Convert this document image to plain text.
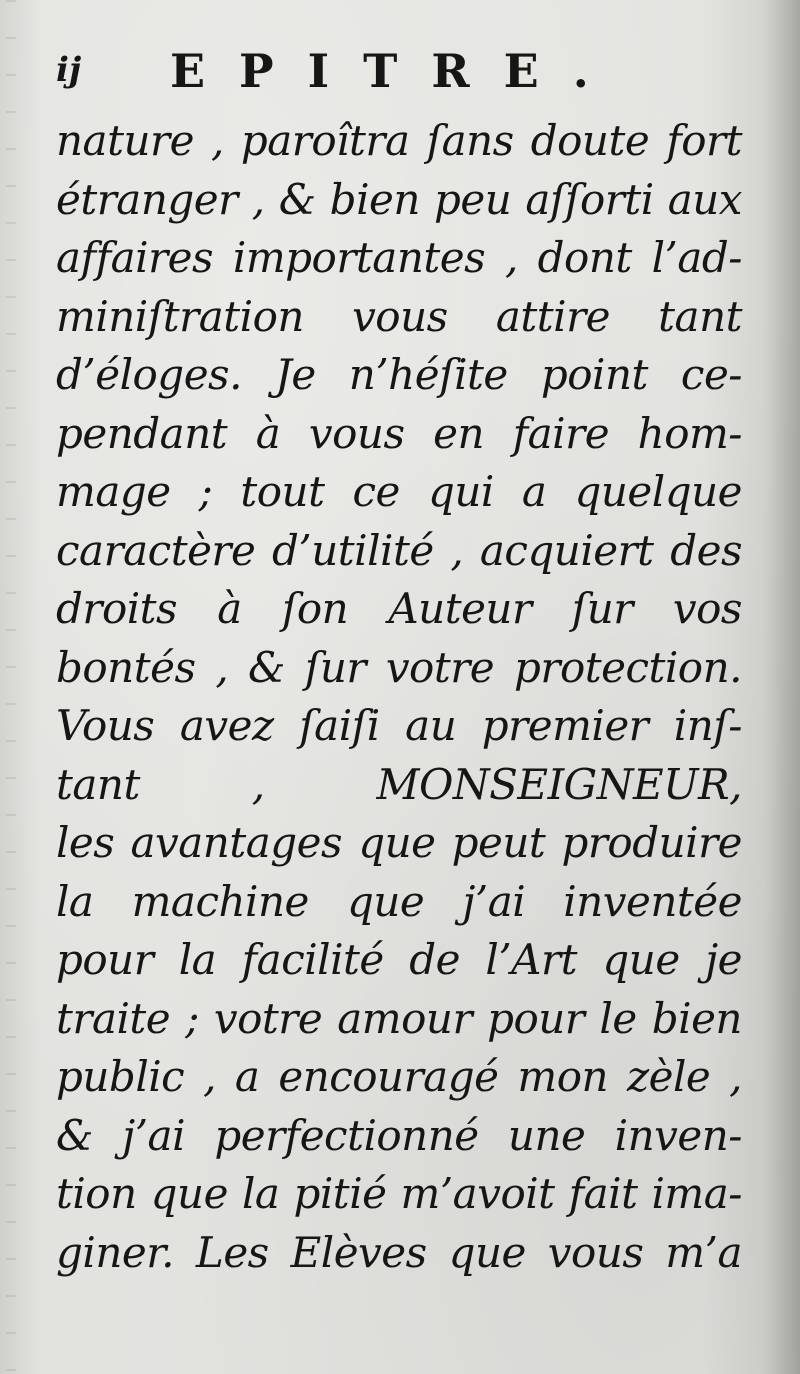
ij EPITRE.
nature , paroîtra ſans doute fort
étranger , & bien peu aſſorti aux
affaires importantes , dont l’ad-
miniſtration vous attire tant
d’éloges. Je n’héſite point ce-
pendant à vous en faire hom-
mage ; tout ce qui a quelque
caractère d’utilité , acquiert des
droits à ſon Auteur ſur vos
bontés , & ſur votre protection.
Vous avez ſaiſi au premier inſ-
tant , MONSEIGNEUR,
les avantages que peut produire
la machine que j’ai inventée
pour la facilité de l’Art que je
traite ; votre amour pour le bien
public , a encouragé mon zèle ,
& j’ai perfectionné une inven-
tion que la pitié m’avoit fait ima-
giner. Les Elèves que vous m’a
